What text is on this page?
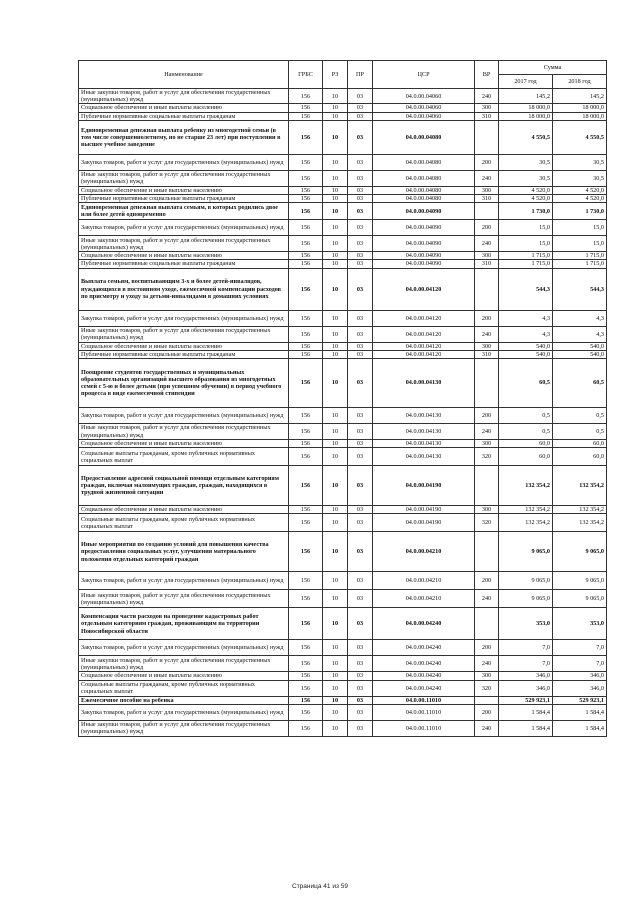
Наименование	ГРБС	РЗ	ПР	ЦСР	ВР	Сумма	
						2017 год	2018 год
Иные закупки товаров, работ и услуг для обеспечения государственных (муниципальных) нужд	156	10	03	04.0.00.04060	240	145,2	145,2
Социальное обеспечение и иные выплаты населению	156	10	03	04.0.00.04060	300	18 000,0	18 000,0
Публичные нормативные социальные выплаты гражданам	156	10	03	04.0.00.04060	310	18 000,0	18 000,0
Единовременная денежная выплата ребенку из многодетной семьи (в том числе совершеннолетнему, но не старше 23 лет) при поступлении в высшее учебное заведение	156	10	03	04.0.00.04080		4 550,5	4 550,5
Закупка товаров, работ и услуг для государственных (муниципальных) нужд	156	10	03	04.0.00.04080	200	30,5	30,5
Иные закупки товаров, работ и услуг для обеспечения государственных (муниципальных) нужд	156	10	03	04.0.00.04080	240	30,5	30,5
Социальное обеспечение и иные выплаты населению	156	10	03	04.0.00.04080	300	4 520,0	4 520,0
Публичные нормативные социальные выплаты гражданам	156	10	03	04.0.00.04080	310	4 520,0	4 520,0
Единовременная денежная выплата семьям, в которых родились двое или более детей одновременно	156	10	03	04.0.00.04090		1 730,0	1 730,0
Закупка товаров, работ и услуг для государственных (муниципальных) нужд	156	10	03	04.0.00.04090	200	15,0	15,0
Иные закупки товаров, работ и услуг для обеспечения государственных (муниципальных) нужд	156	10	03	04.0.00.04090	240	15,0	15,0
Социальное обеспечение и иные выплаты населению	156	10	03	04.0.00.04090	300	1 715,0	1 715,0
Публичные нормативные социальные выплаты гражданам	156	10	03	04.0.00.04090	310	1 715,0	1 715,0
Выплата семьям, воспитывающим 3-х и более детей-инвалидов, нуждающихся в постоянном уходе, ежемесячной компенсации расходов по присмотру и уходу за детьми-инвалидами в домашних условиях	156	10	03	04.0.00.04120		544,3	544,3
Закупка товаров, работ и услуг для государственных (муниципальных) нужд	156	10	03	04.0.00.04120	200	4,3	4,3
Иные закупки товаров, работ и услуг для обеспечения государственных (муниципальных) нужд	156	10	03	04.0.00.04120	240	4,3	4,3
Социальное обеспечение и иные выплаты населению	156	10	03	04.0.00.04120	300	540,0	540,0
Публичные нормативные социальные выплаты гражданам	156	10	03	04.0.00.04120	310	540,0	540,0
Поощрение студентов государственных и муниципальных образовательных организаций высшего образования из многодетных семей с 5-ю и более детьми (при успешном обучении) в период учебного процесса в виде ежемесячной стипендии	156	10	03	04.0.00.04130		60,5	60,5
Закупка товаров, работ и услуг для государственных (муниципальных) нужд	156	10	03	04.0.00.04130	200	0,5	0,5
Иные закупки товаров, работ и услуг для обеспечения государственных (муниципальных) нужд	156	10	03	04.0.00.04130	240	0,5	0,5
Социальное обеспечение и иные выплаты населению	156	10	03	04.0.00.04130	300	60,0	60,0
Социальные выплаты гражданам, кроме публичных нормативных социальных выплат	156	10	03	04.0.00.04130	320	60,0	60,0
Предоставление адресной социальной помощи отдельным категориям граждан, включая малоимущих граждан, граждан, находящихся в трудной жизненной ситуации	156	10	03	04.0.00.04190		132 354,2	132 354,2
Социальное обеспечение и иные выплаты населению	156	10	03	04.0.00.04190	300	132 354,2	132 354,2
Социальные выплаты гражданам, кроме публичных нормативных социальных выплат	156	10	03	04.0.00.04190	320	132 354,2	132 354,2
Иные мероприятия по созданию условий для повышения качества предоставления социальных услуг, улучшения материального положения отдельных категорий граждан	156	10	03	04.0.00.04210		9 065,0	9 065,0
Закупка товаров, работ и услуг для государственных (муниципальных) нужд	156	10	03	04.0.00.04210	200	9 065,0	9 065,0
Иные закупки товаров, работ и услуг для обеспечения государственных (муниципальных) нужд	156	10	03	04.0.00.04210	240	9 065,0	9 065,0
Компенсация части расходов на проведение кадастровых работ отдельным категориям граждан, проживающим на территории Новосибирской области	156	10	03	04.0.00.04240		353,0	353,0
Закупка товаров, работ и услуг для государственных (муниципальных) нужд	156	10	03	04.0.00.04240	200	7,0	7,0
Иные закупки товаров, работ и услуг для обеспечения государственных (муниципальных) нужд	156	10	03	04.0.00.04240	240	7,0	7,0
Социальное обеспечение и иные выплаты населению	156	10	03	04.0.00.04240	300	346,0	346,0
Социальные выплаты гражданам, кроме публичных нормативных социальных выплат	156	10	03	04.0.00.04240	320	346,0	346,0
Ежемесячное пособие на ребенка	156	10	03	04.0.00.11010		529 923,1	529 923,1
Закупка товаров, работ и услуг для государственных (муниципальных) нужд	156	10	03	04.0.00.11010	200	1 584,4	1 584,4
Иные закупки товаров, работ и услуг для обеспечения государственных (муниципальных) нужд	156	10	03	04.0.00.11010	240	1 584,4	1 584,4
Страница 41 из 59
